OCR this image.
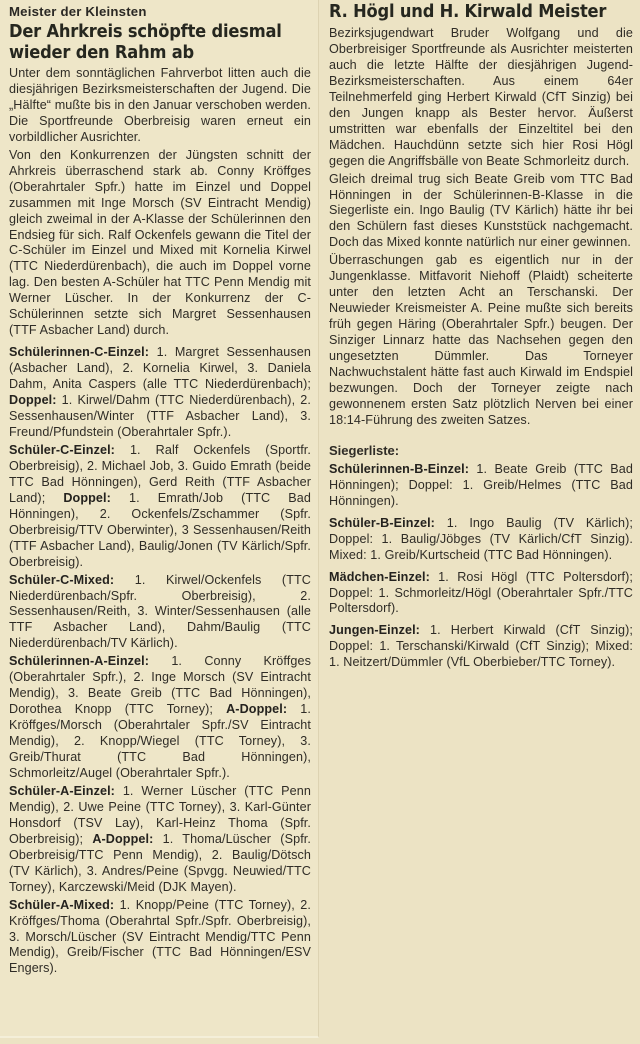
Meister der Kleinsten
Der Ahrkreis schöpfte diesmal
wieder den Rahm ab

Unter dem sonntäglichen Fahrverbot litten auch die diesjährigen Bezirksmeisterschaften der Jugend. Die „Hälfte“ mußte bis in den Januar verschoben werden. Die Sportfreunde Oberbreisig waren erneut ein vorbildlicher Ausrichter.

Von den Konkurrenzen der Jüngsten schnitt der Ahrkreis überraschend stark ab. Conny Kröffges (Oberahrtaler Spfr.) hatte im Einzel und Doppel zusammen mit Inge Morsch (SV Eintracht Mendig) gleich zweimal in der A-Klasse der Schülerinnen den Endsieg für sich. Ralf Ockenfels gewann die Titel der C-Schüler im Einzel und Mixed mit Kornelia Kirwel (TTC Niederdürenbach), die auch im Doppel vorne lag. Den besten A-Schüler hat TTC Penn Mendig mit Werner Lüscher. In der Konkurrenz der C- Schülerinnen setzte sich Margret Sessenhausen (TTF Asbacher Land) durch.

Schülerinnen-C-Einzel: 1. Margret Sessenhausen (Asbacher Land), 2. Kornelia Kirwel, 3. Daniela Dahm, Anita Caspers (alle TTC Niederdürenbach); Doppel: 1. Kirwel/Dahm (TTC Niederdürenbach), 2. Sessenhausen/Winter (TTF Asbacher Land), 3. Freund/Pfundstein (Oberahrtaler Spfr.).

Schüler-C-Einzel: 1. Ralf Ockenfels (Sportfr. Oberbreisig), 2. Michael Job, 3. Guido Emrath (beide TTC Bad Hönningen), Gerd Reith (TTF Asbacher Land); Doppel: 1. Emrath/Job (TTC Bad Hönningen), 2. Ockenfels/Zschammer (Spfr. Oberbreisig/TTV Oberwinter), 3 Sessenhausen/Reith (TTF Asbacher Land), Baulig/Jonen (TV Kärlich/Spfr. Oberbreisig).

Schüler-C-Mixed: 1. Kirwel/Ockenfels (TTC Niederdürenbach/Spfr. Oberbreisig), 2. Sessenhausen/Reith, 3. Winter/Sessenhausen (alle TTF Asbacher Land), Dahm/Baulig (TTC Niederdürenbach/TV Kärlich).

Schülerinnen-A-Einzel: 1. Conny Kröffges (Oberahrtaler Spfr.), 2. Inge Morsch (SV Eintracht Mendig), 3. Beate Greib (TTC Bad Hönningen), Dorothea Knopp (TTC Torney); A-Doppel: 1. Kröffges/Morsch (Oberahrtaler Spfr./SV Eintracht Mendig), 2. Knopp/Wiegel (TTC Torney), 3. Greib/Thurat (TTC Bad Hönningen), Schmorleitz/Augel (Oberahrtaler Spfr.).

Schüler-A-Einzel: 1. Werner Lüscher (TTC Penn Mendig), 2. Uwe Peine (TTC Torney), 3. Karl-Günter Honsdorf (TSV Lay), Karl-Heinz Thoma (Spfr. Oberbreisig); A-Doppel: 1. Thoma/Lüscher (Spfr. Oberbreisig/TTC Penn Mendig), 2. Baulig/Dötsch (TV Kärlich), 3. Andres/Peine (Spvgg. Neuwied/TTC Torney), Karczewski/Meid (DJK Mayen).

Schüler-A-Mixed: 1. Knopp/Peine (TTC Torney), 2. Kröffges/Thoma (Oberahrtal Spfr./Spfr. Oberbreisig), 3. Morsch/Lüscher (SV Eintracht Mendig/TTC Penn Mendig), Greib/Fischer (TTC Bad Hönningen/ESV Engers).

R. Högl und H. Kirwald Meister

Bezirksjugendwart Bruder Wolfgang und die Oberbreisiger Sportfreunde als Ausrichter meisterten auch die letzte Hälfte der diesjährigen Jugend-Bezirksmeisterschaften. Aus einem 64er Teilnehmerfeld ging Herbert Kirwald (CfT Sinzig) bei den Jungen knapp als Bester hervor. Äußerst umstritten war ebenfalls der Einzeltitel bei den Mädchen. Hauchdünn setzte sich hier Rosi Högl gegen die Angriffsbälle von Beate Schmorleitz durch.

Gleich dreimal trug sich Beate Greib vom TTC Bad Hönningen in der Schülerinnen-B-Klasse in die Siegerliste ein. Ingo Baulig (TV Kärlich) hätte ihr bei den Schülern fast dieses Kunststück nachgemacht. Doch das Mixed konnte natürlich nur einer gewinnen.

Überraschungen gab es eigentlich nur in der Jungenklasse. Mitfavorit Niehoff (Plaidt) scheiterte unter den letzten Acht an Terschanski. Der Neuwieder Kreismeister A. Peine mußte sich bereits früh gegen Häring (Oberahrtaler Spfr.) beugen. Der Sinziger Linnarz hatte das Nachsehen gegen den ungesetzten Dümmler. Das Torneyer Nachwuchstalent hätte fast auch Kirwald im Endspiel bezwungen. Doch der Torneyer zeigte nach gewonnenem ersten Satz plötzlich Nerven bei einer 18:14-Führung des zweiten Satzes.

Siegerliste:

Schülerinnen-B-Einzel: 1. Beate Greib (TTC Bad Hönningen); Doppel: 1. Greib/Helmes (TTC Bad Hönningen).

Schüler-B-Einzel: 1. Ingo Baulig (TV Kärlich); Doppel: 1. Baulig/Jöbges (TV Kärlich/CfT Sinzig). Mixed: 1. Greib/Kurtscheid (TTC Bad Hönningen).

Mädchen-Einzel: 1. Rosi Högl (TTC Poltersdorf); Doppel: 1. Schmorleitz/Högl (Oberahrtaler Spfr./TTC Poltersdorf).

Jungen-Einzel: 1. Herbert Kirwald (CfT Sinzig); Doppel: 1. Terschanski/Kirwald (CfT Sinzig); Mixed: 1. Neitzert/Dümmler (VfL Oberbieber/TTC Torney).
